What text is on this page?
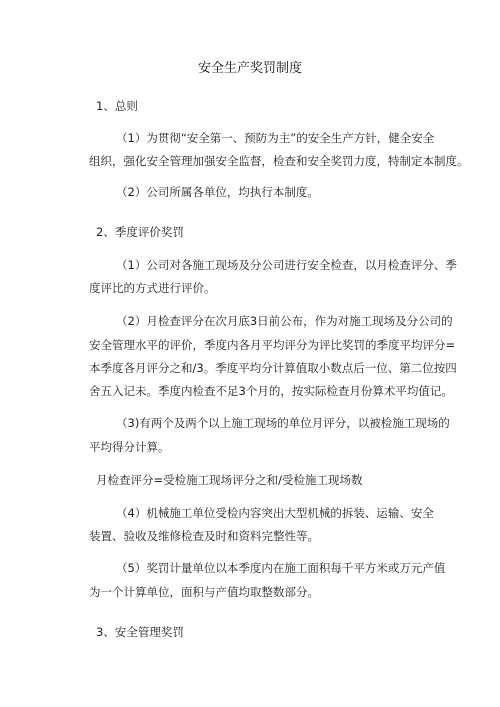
安全生产奖罚制度
1、总则
（1）为贯彻“安全第一、预防为主”的安全生产方针，健全安全
组织，强化安全管理加强安全监督，检查和安全奖罚力度，特制定本制度。
（2）公司所属各单位，均执行本制度。
2、季度评价奖罚
（1）公司对各施工现场及分公司进行安全检查，以月检查评分、季
度评比的方式进行评价。
（2）月检查评分在次月底3日前公布，作为对施工现场及分公司的
安全管理水平的评价，季度内各月平均评分为评比奖罚的季度平均评分=
本季度各月评分之和/3。季度平均分计算值取小数点后一位、第二位按四
舍五入记未。季度内检查不足3个月的，按实际检查月份算术平均值记。
（3)有两个及两个以上施工现场的单位月评分，以被检施工现场的
平均得分计算。
月检查评分=受检施工现场评分之和/受检施工现场数
（4）机械施工单位受检内容突出大型机械的拆装、运输、安全
装置、验收及维修检查及时和资料完整性等。
（5）奖罚计量单位以本季度内在施工面积每千平方米或万元产值
为一个计算单位，面积与产值均取整数部分。
3、安全管理奖罚
